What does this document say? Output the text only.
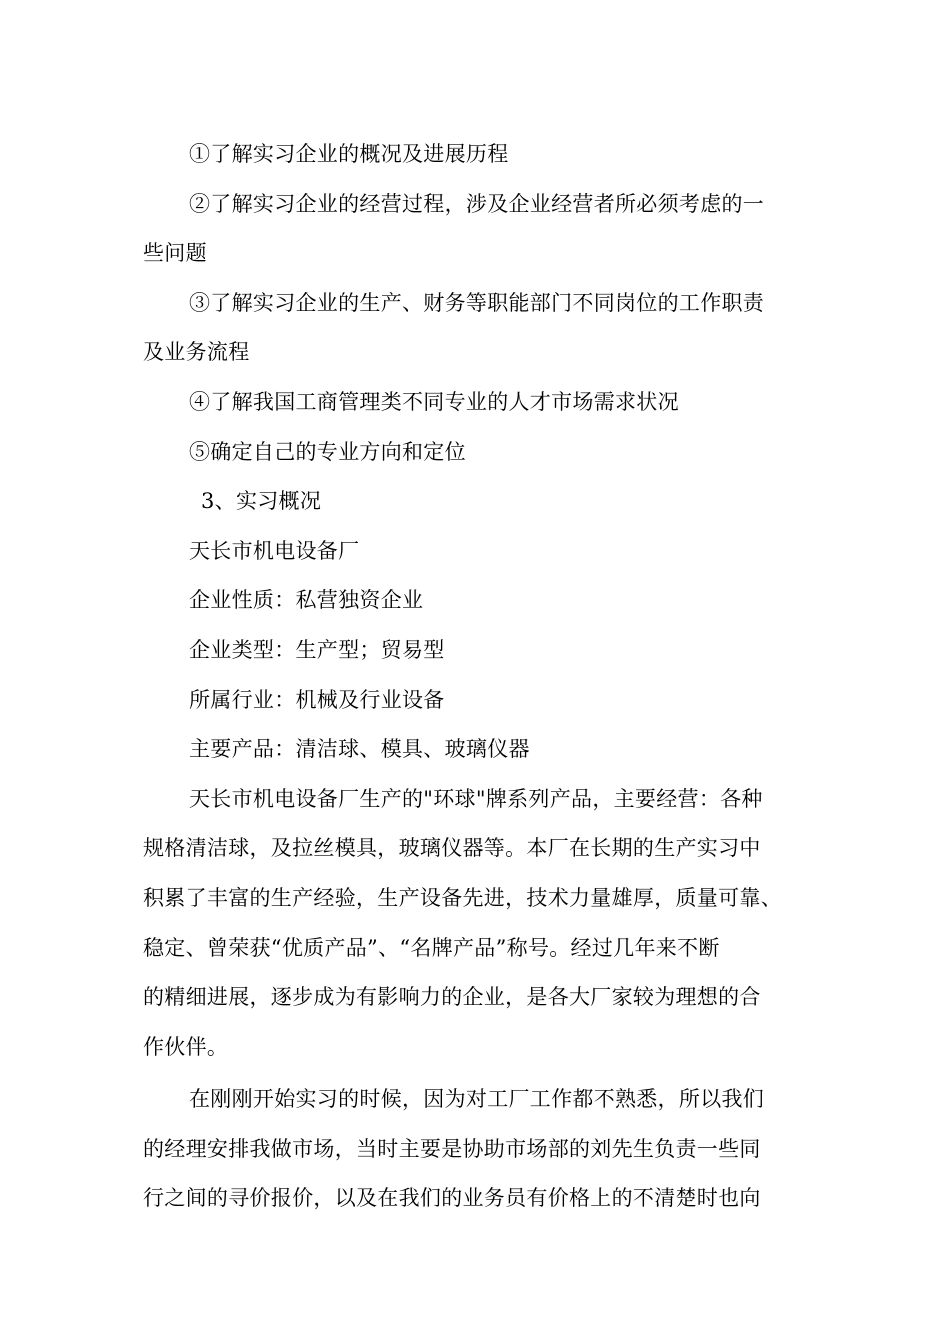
①了解实习企业的概况及进展历程

②了解实习企业的经营过程，涉及企业经营者所必须考虑的一

些问题

③了解实习企业的生产、财务等职能部门不同岗位的工作职责

及业务流程

④了解我国工商管理类不同专业的人才市场需求状况

⑤确定自己的专业方向和定位

3、实习概况

天长市机电设备厂

企业性质：私营独资企业

企业类型：生产型；贸易型

所属行业：机械及行业设备

主要产品：清洁球、模具、玻璃仪器

天长市机电设备厂生产的"环球"牌系列产品，主要经营：各种

规格清洁球，及拉丝模具，玻璃仪器等。本厂在长期的生产实习中

积累了丰富的生产经验，生产设备先进，技术力量雄厚，质量可靠、

稳定、曾荣获“优质产品”、“名牌产品”称号。经过几年来不断

的精细进展，逐步成为有影响力的企业，是各大厂家较为理想的合

作伙伴。

在刚刚开始实习的时候，因为对工厂工作都不熟悉，所以我们

的经理安排我做市场，当时主要是协助市场部的刘先生负责一些同

行之间的寻价报价，以及在我们的业务员有价格上的不清楚时也向
